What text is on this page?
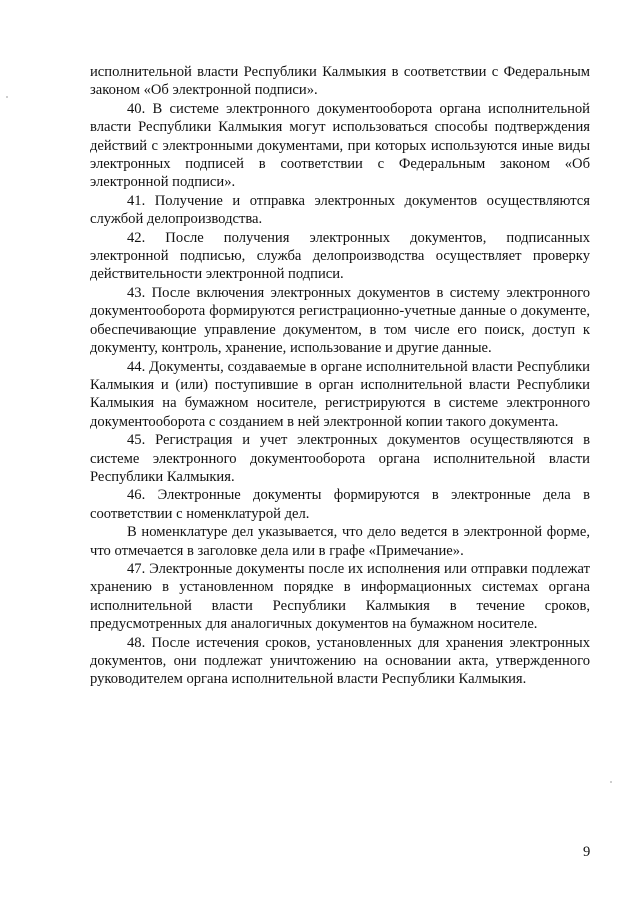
исполнительной власти Республики Калмыкия в соответствии с Федеральным законом «Об электронной подписи».

40. В системе электронного документооборота органа исполнительной власти Республики Калмыкия могут использоваться способы подтверждения действий с электронными документами, при которых используются иные виды электронных подписей в соответствии с Федеральным законом «Об электронной подписи».

41. Получение и отправка электронных документов осуществляются службой делопроизводства.

42. После получения электронных документов, подписанных электронной подписью, служба делопроизводства осуществляет проверку действительности электронной подписи.

43. После включения электронных документов в систему электронного документооборота формируются регистрационно-учетные данные о документе, обеспечивающие управление документом, в том числе его поиск, доступ к документу, контроль, хранение, использование и другие данные.

44. Документы, создаваемые в органе исполнительной власти Республики Калмыкия и (или) поступившие в орган исполнительной власти Республики Калмыкия на бумажном носителе, регистрируются в системе электронного документооборота с созданием в ней электронной копии такого документа.

45. Регистрация и учет электронных документов осуществляются в системе электронного документооборота органа исполнительной власти Республики Калмыкия.

46. Электронные документы формируются в электронные дела в соответствии с номенклатурой дел.

В номенклатуре дел указывается, что дело ведется в электронной форме, что отмечается в заголовке дела или в графе «Примечание».

47. Электронные документы после их исполнения или отправки подлежат хранению в установленном порядке в информационных системах органа исполнительной власти Республики Калмыкия в течение сроков, предусмотренных для аналогичных документов на бумажном носителе.

48. После истечения сроков, установленных для хранения электронных документов, они подлежат уничтожению на основании акта, утвержденного руководителем органа исполнительной власти Республики Калмыкия.

9
